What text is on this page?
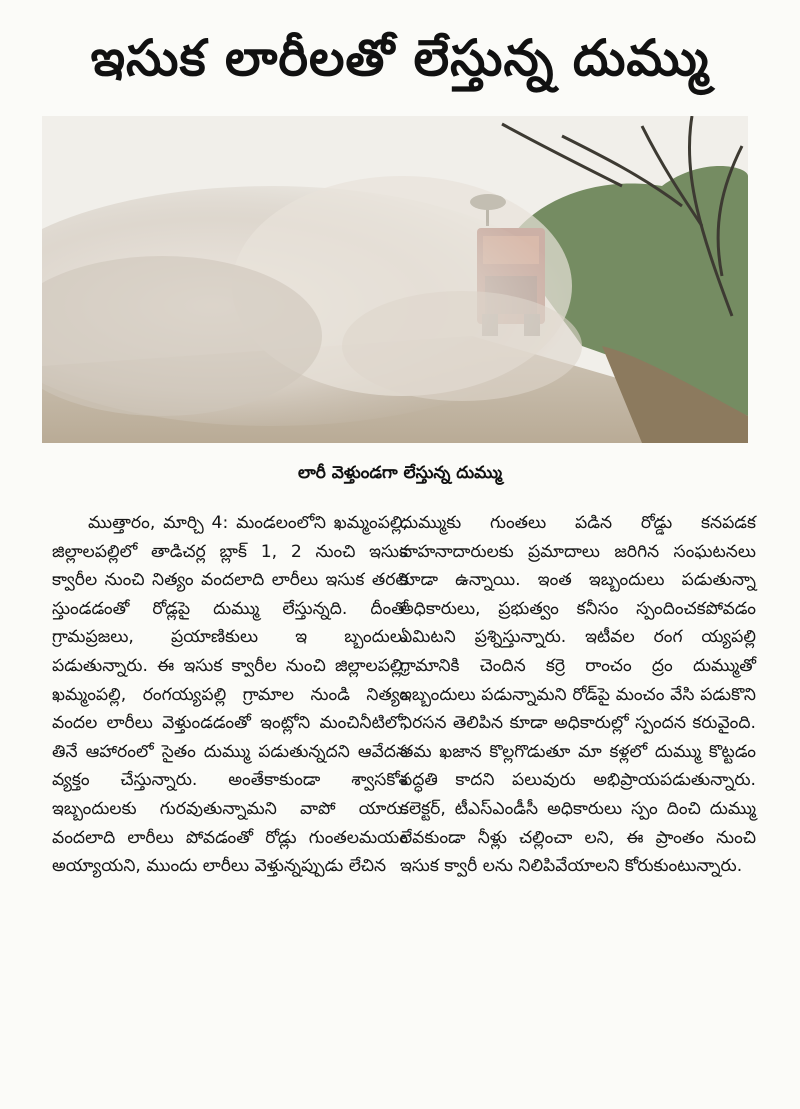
ఇసుక లారీలతో లేస్తున్న దుమ్ము
లారీ వెళ్తుండగా లేస్తున్న దుమ్ము

ముత్తారం, మార్చి 4: మండలంలోని ఖమ్మంపల్లి, జిల్లాలపల్లిలో తాడిచర్ల బ్లాక్ 1, 2 నుంచి ఇసుక క్వారీల నుంచి నిత్యం వందలాది లారీలు ఇసుక తరలి స్తుండడంతో రోడ్లపై దుమ్ము లేస్తున్నది. దీంతో గ్రామప్రజలు, ప్రయాణికులు ఇ బ్బందులు పడుతున్నారు. ఈ ఇసుక క్వారీల నుంచి జిల్లాలపల్లి, ఖమ్మంపల్లి, రంగయ్యపల్లి గ్రామాల నుండి నిత్యం వందల లారీలు వెళ్తుండడంతో ఇంట్లోని మంచినీటిలో, తినే ఆహారంలో సైతం దుమ్ము పడుతున్నదని ఆవేదన వ్యక్తం చేస్తున్నారు. అంతేకాకుండా శ్వాసకోశ ఇబ్బందులకు గురవుతున్నామని వాపో యారు. వందలాది లారీలు పోవడంతో రోడ్లు గుంతలమయం అయ్యాయని, ముందు లారీలు వెళ్తున్నప్పుడు లేచిన

దుమ్ముకు గుంతలు పడిన రోడ్డు కనపడక వాహనాదారులకు ప్రమాదాలు జరిగిన సంఘటనలు కూడా ఉన్నాయి. ఇంత ఇబ్బందులు పడుతున్నా అధికారులు, ప్రభుత్వం కనీసం స్పందించకపోవడం ఏమిటని ప్రశ్నిస్తున్నారు. ఇటీవల రంగ య్యపల్లి గ్రామానికి చెందిన కర్రె రాంచం ద్రం దుమ్ముతో ఇబ్బందులు పడున్నామని రోడ్‌పై మంచం వేసి పడుకొని నిరసన తెలిపిన కూడా అధికారుల్లో స్పందన కరువైంది. తమ ఖజాన కొల్లగొడుతూ మా కళ్లలో దుమ్ము కొట్టడం పద్ధతి కాదని పలువురు అభిప్రాయపడుతున్నారు. కలెక్టర్, టీఎస్‌ఎండీసీ అధికారులు స్పం దించి దుమ్ము లేవకుండా నీళ్లు చల్లించా లని, ఈ ప్రాంతం నుంచి ఇసుక క్వారీ లను నిలిపివేయాలని కోరుకుంటున్నారు.
